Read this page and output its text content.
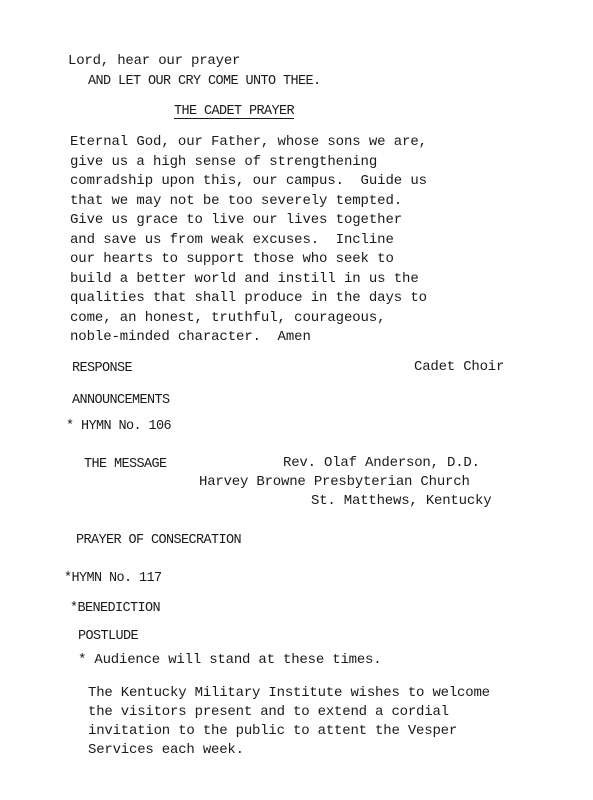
Lord, hear our prayer
AND LET OUR CRY COME UNTO THEE.
THE CADET PRAYER
Eternal God, our Father, whose sons we are,
give us a high sense of strengthening
comradship upon this, our campus.  Guide us
that we may not be too severely tempted.
Give us grace to live our lives together
and save us from weak excuses.  Incline
our hearts to support those who seek to
build a better world and instill in us the
qualities that shall produce in the days to
come, an honest, truthful, courageous,
noble-minded character.  Amen
RESPONSE	Cadet Choir
ANNOUNCEMENTS
* HYMN No. 106
THE MESSAGE	Rev. Olaf Anderson, D.D.
Harvey Browne Presbyterian Church
St. Matthews, Kentucky
PRAYER OF CONSECRATION
*HYMN No. 117
*BENEDICTION
POSTLUDE
* Audience will stand at these times.
The Kentucky Military Institute wishes to welcome
the visitors present and to extend a cordial
invitation to the public to attent the Vesper
Services each week.
